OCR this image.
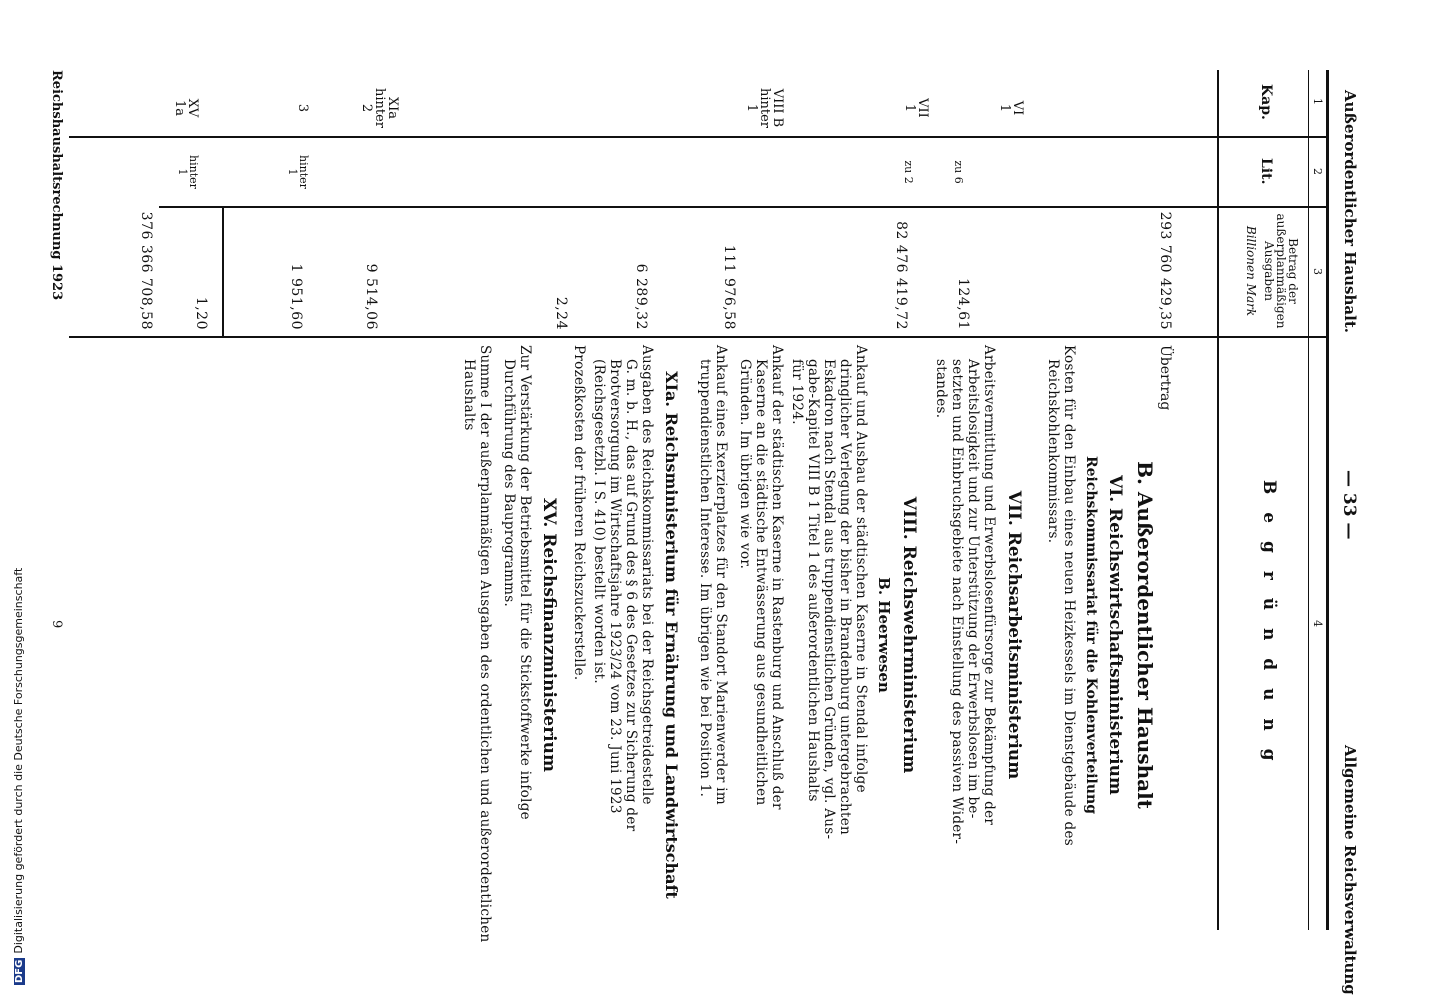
Außerordentlicher Haushalt.
— 33 —
Allgemeine Reichsverwaltung
1
2
3
4
Kap.
Lit.
Betrag der
außerplanmäßigen
Ausgaben
Billionen Mark
B e g r ü n d u n g
VI
1
VII
1
VIII B
hinter
1
XIa
hinter
2
3
XV
1a
zu 6
zu 2
hinter
1
hinter
1
293 760 429,35
124,61
82 476 419,72
111 976,58
6 289,32
2,24
9 514,06
1 951,60
1,20
376 366 708,58
Übertrag
B. Außerordentlicher Haushalt
VI. Reichswirtschaftsministerium
Reichskommissariat für die Kohlenverteilung
Kosten für den Einbau eines neuen Heizkessels im Dienstgebäude des
Reichskohlenkommissars.
VII. Reichsarbeitsministerium
Arbeitsvermittlung und Erwerbslosenfürsorge zur Bekämpfung der
Arbeitslosigkeit und zur Unterstützung der Erwerbslosen im be-
setzten und Einbruchsgebiete nach Einstellung des passiven Wider-
standes.
VIII. Reichswehrministerium
B. Heerwesen
Ankauf und Ausbau der städtischen Kaserne in Stendal infolge
dringlicher Verlegung der bisher in Brandenburg untergebrachten
Eskadron nach Stendal aus truppendienstlichen Gründen, vgl. Aus-
gabe-Kapitel VIII B 1 Titel 1 des außerordentlichen Haushalts
für 1924.
Ankauf der städtischen Kaserne in Rastenburg und Anschluß der
Kaserne an die städtische Entwässerung aus gesundheitlichen
Gründen. Im übrigen wie vor.
Ankauf eines Exerzierplatzes für den Standort Marienwerder im
truppendienstlichen Interesse. Im übrigen wie bei Position 1.
XIa. Reichsministerium für Ernährung und Landwirtschaft
Ausgaben des Reichskommissariats bei der Reichsgetreidestelle
G. m. b. H., das auf Grund des § 6 des Gesetzes zur Sicherung der
Brotversorgung im Wirtschaftsjahre 1923/24 vom 23. Juni 1923
(Reichsgesetzbl. I S. 410) bestellt worden ist.
Prozeßkosten der früheren Reichszuckerstelle.
XV. Reichsfinanzministerium
Zur Verstärkung der Betriebsmittel für die Stickstoffwerke infolge
Durchführung des Bauprogramms.
Summe I der außerplanmäßigen Ausgaben des ordentlichen und außerordentlichen
Haushalts
Reichshaushaltsrechnung 1923
9
DFGDigitalisierung gefördert durch die Deutsche Forschungsgemeinschaft
